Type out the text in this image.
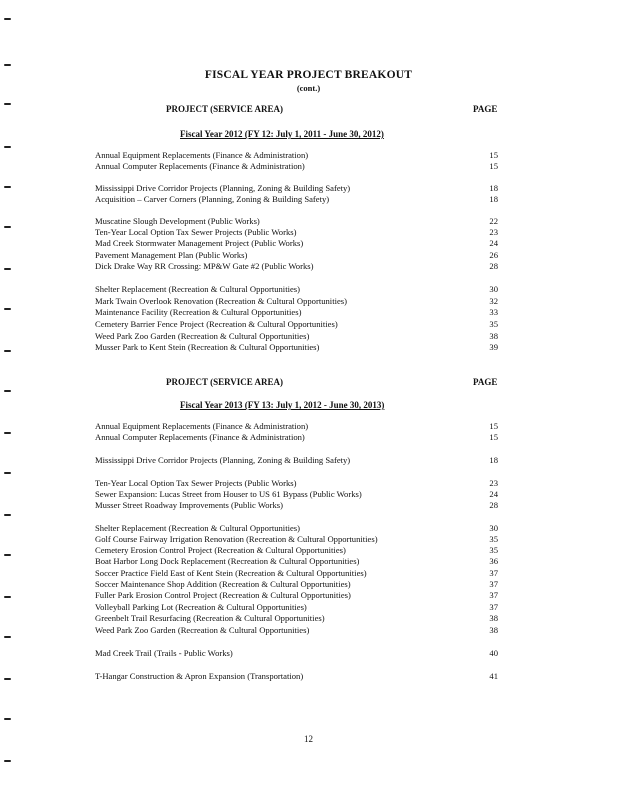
FISCAL YEAR PROJECT BREAKOUT
(cont.)
PROJECT (SERVICE AREA)	PAGE
Fiscal Year 2012 (FY 12: July 1, 2011 - June 30, 2012)
Annual Equipment Replacements (Finance & Administration)	15
Annual Computer Replacements (Finance & Administration)	15
Mississippi Drive Corridor Projects (Planning, Zoning & Building Safety)	18
Acquisition – Carver Corners (Planning, Zoning & Building Safety)	18
Muscatine Slough Development (Public Works)	22
Ten-Year Local Option Tax Sewer Projects (Public Works)	23
Mad Creek Stormwater Management Project (Public Works)	24
Pavement Management Plan (Public Works)	26
Dick Drake Way RR Crossing: MP&W Gate #2 (Public Works)	28
Shelter Replacement (Recreation & Cultural Opportunities)	30
Mark Twain Overlook Renovation (Recreation & Cultural Opportunities)	32
Maintenance Facility (Recreation & Cultural Opportunities)	33
Cemetery Barrier Fence Project (Recreation & Cultural Opportunities)	35
Weed Park Zoo Garden (Recreation & Cultural Opportunities)	38
Musser Park to Kent Stein (Recreation & Cultural Opportunities)	39
PROJECT (SERVICE AREA)	PAGE
Fiscal Year 2013 (FY 13: July 1, 2012 - June 30, 2013)
Annual Equipment Replacements (Finance & Administration)	15
Annual Computer Replacements (Finance & Administration)	15
Mississippi Drive Corridor Projects (Planning, Zoning & Building Safety)	18
Ten-Year Local Option Tax Sewer Projects (Public Works)	23
Sewer Expansion: Lucas Street from Houser to US 61 Bypass (Public Works)	24
Musser Street Roadway Improvements (Public Works)	28
Shelter Replacement (Recreation & Cultural Opportunities)	30
Golf Course Fairway Irrigation Renovation (Recreation & Cultural Opportunities)	35
Cemetery Erosion Control Project (Recreation & Cultural Opportunities)	35
Boat Harbor Long Dock Replacement (Recreation & Cultural Opportunities)	36
Soccer Practice Field East of Kent Stein (Recreation & Cultural Opportunities)	37
Soccer Maintenance Shop Addition (Recreation & Cultural Opportunities)	37
Fuller Park Erosion Control Project (Recreation & Cultural Opportunities)	37
Volleyball Parking Lot (Recreation & Cultural Opportunities)	37
Greenbelt Trail Resurfacing (Recreation & Cultural Opportunities)	38
Weed Park Zoo Garden (Recreation & Cultural Opportunities)	38
Mad Creek Trail (Trails - Public Works)	40
T-Hangar Construction & Apron Expansion (Transportation)	41
12
